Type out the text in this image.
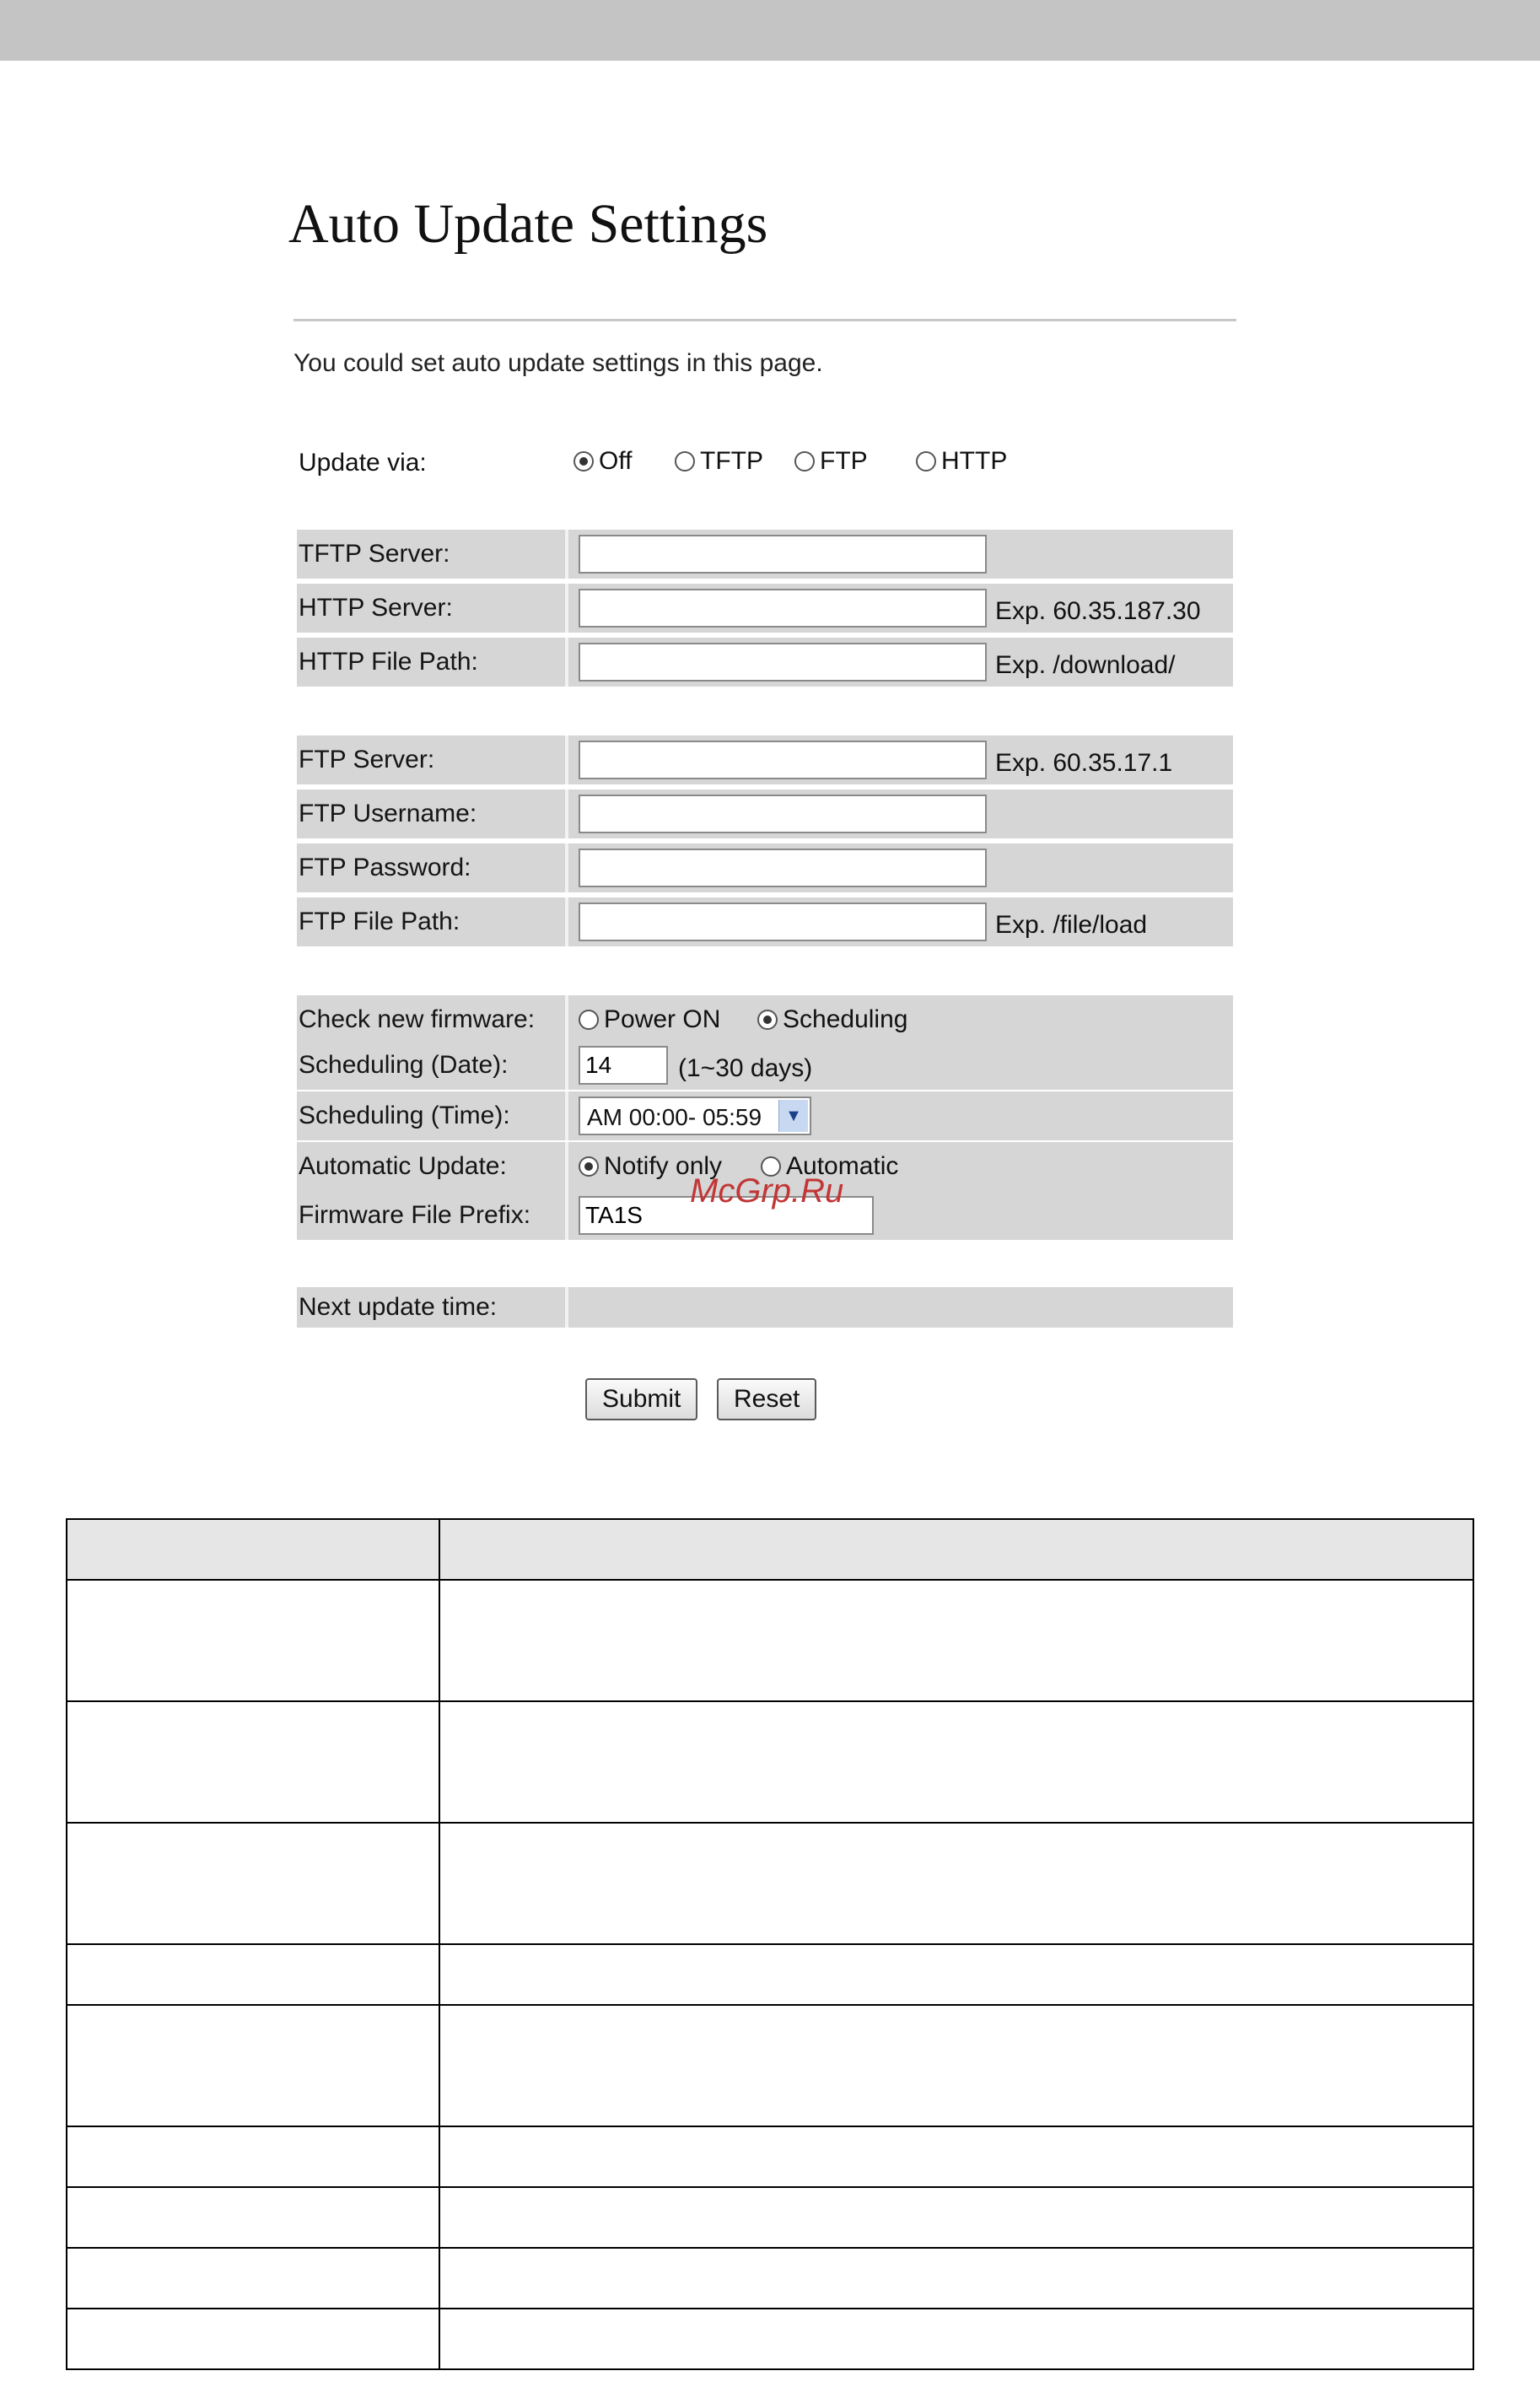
Auto Update Settings
You could set auto update settings in this page.
Update via:	Off	TFTP FTP	HTTP
TFTP Server:
HTTP Server:	Exp. 60.35.187.30
HTTP File Path:	Exp. /download/
FTP Server:	Exp. 60.35.17.1
FTP Username:
FTP Password:
FTP File Path:	Exp. /file/load
Check new firmware:	Power ON Scheduling
Scheduling (Date):
14	(1~30 days)
Scheduling (Time):	AM 00:00- 05:59	▼
Automatic Update:	Notify only	Automatic
Firmware File Prefix:
TA1S
Next update time:
Submit	Reset
McGrp.Ru
